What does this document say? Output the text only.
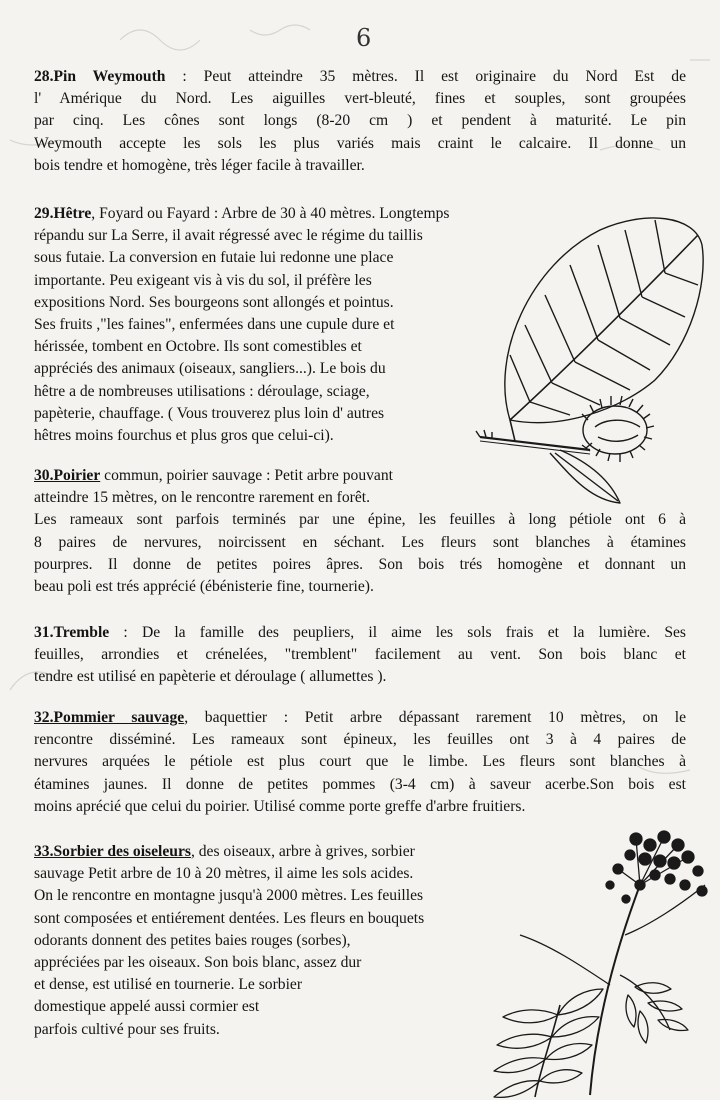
6
28.Pin Weymouth : Peut atteindre 35 mètres. Il est originaire du Nord Est de
l' Amérique du Nord. Les aiguilles vert-bleuté, fines et souples, sont groupées
par cinq. Les cônes sont longs (8-20 cm ) et pendent à maturité. Le pin
Weymouth accepte les sols les plus variés mais craint le calcaire. Il donne un
bois tendre et homogène, très léger facile à travailler.
29.Hêtre, Foyard ou Fayard : Arbre de 30 à 40 mètres. Longtemps
répandu sur La Serre, il avait régressé avec le régime du taillis
sous futaie. La conversion en futaie lui redonne une place
importante. Peu exigeant vis à vis du sol, il préfère les
expositions Nord. Ses bourgeons sont allongés et pointus.
Ses fruits ,"les faines", enfermées dans une cupule dure et
hérissée, tombent en Octobre. Ils sont comestibles et
appréciés des animaux (oiseaux, sangliers...). Le bois du
hêtre a de nombreuses utilisations : déroulage, sciage,
papèterie, chauffage. ( Vous trouverez plus loin d' autres
hêtres moins fourchus et plus gros que celui-ci).
30.Poirier commun, poirier sauvage : Petit arbre pouvant
atteindre 15 mètres, on le rencontre rarement en forêt.
Les rameaux sont parfois terminés par une épine, les feuilles à long pétiole ont 6 à
8 paires de nervures, noircissent en séchant. Les fleurs sont blanches à étamines
pourpres. Il donne de petites poires âpres. Son bois trés homogène et donnant un
beau poli est trés apprécié (ébénisterie fine, tournerie).
31.Tremble : De la famille des peupliers, il aime les sols frais et la lumière. Ses
feuilles, arrondies et crénelées, "tremblent" facilement au vent. Son bois blanc et
tendre est utilisé en papèterie et déroulage ( allumettes ).
32.Pommier sauvage, baquettier : Petit arbre dépassant rarement 10 mètres, on le
rencontre disséminé. Les rameaux sont épineux, les feuilles ont 3 à 4 paires de
nervures arquées le pétiole est plus court que le limbe. Les fleurs sont blanches à
étamines jaunes. Il donne de petites pommes (3-4 cm) à saveur acerbe.Son bois est
moins aprécié que celui du poirier. Utilisé comme porte greffe d'arbre fruitiers.
33.Sorbier des oiseleurs, des oiseaux, arbre à grives, sorbier
sauvage Petit arbre de 10 à 20 mètres, il aime les sols acides.
On le rencontre en montagne jusqu'à 2000 mètres. Les feuilles
sont composées et entiérement dentées. Les fleurs en bouquets
odorants donnent des petites baies rouges (sorbes),
appréciées par les oiseaux. Son bois blanc, assez dur
et dense, est utilisé en tournerie. Le sorbier
domestique appelé aussi cormier est
parfois cultivé pour ses fruits.
